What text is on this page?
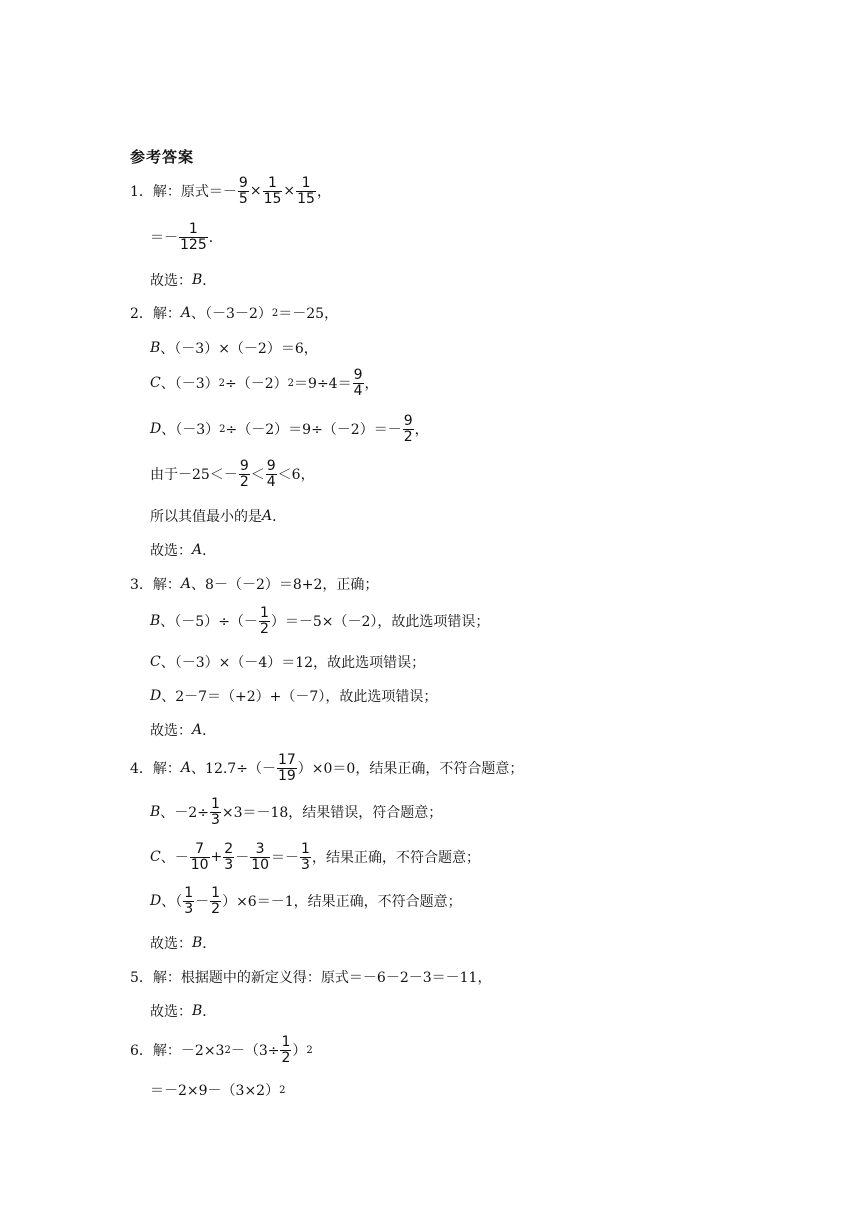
参考答案
1．解：原式＝－ $\frac{9}{5} \times \frac{1}{15} \times \frac{1}{15}$ ，
＝－ $\frac{1}{125}$ ．
故选： B ．
2．解： A 、（－3－2） 2 ＝－25，
B 、（－3）×（－2）＝6，
C 、（－3） 2 ÷（－2） $2 =9\div 4= \frac{9}{4}$ ，
D 、（－3） $2 \div(-2)=9\div(-2)=- \frac{9}{2}$ ，
由于$-25<- \frac{9}{2} < \frac{9}{4} <6$，
所以其值最小的是 A ．
故选： A ．
3．解： A 、8－（－2）＝8+2，正确；
B 、$(-5)\div(- \frac{1}{2} )=-5\times(-2)$，故此选项错误；
C 、（－3）×（－4）＝12，故此选项错误；
D 、2－7＝（+2）+（－7），故此选项错误；
故选： A ．
4．解： A 、$12.7\div(- \frac{17}{19} )\times 0=0$，结果正确，不符合题意；
B 、$-2\div \frac{1}{3} \times 3=-18$，结果错误，符合题意；
C 、－ $\frac{7}{10} + \frac{2}{3} - \frac{3}{10} =- \frac{1}{3}$ ，结果正确，不符合题意；
D 、（ $\frac{1}{3} - \frac{1}{2} )\times 6=-1$，结果正确，不符合题意；
故选： B ．
5．解：根据题中的新定义得：原式＝－6－2－3＝－11，
故选： B ．
6．解：－2×3 $2 -(3\div \frac{1}{2}$ ） 2
＝－2×9－（3×2） 2
